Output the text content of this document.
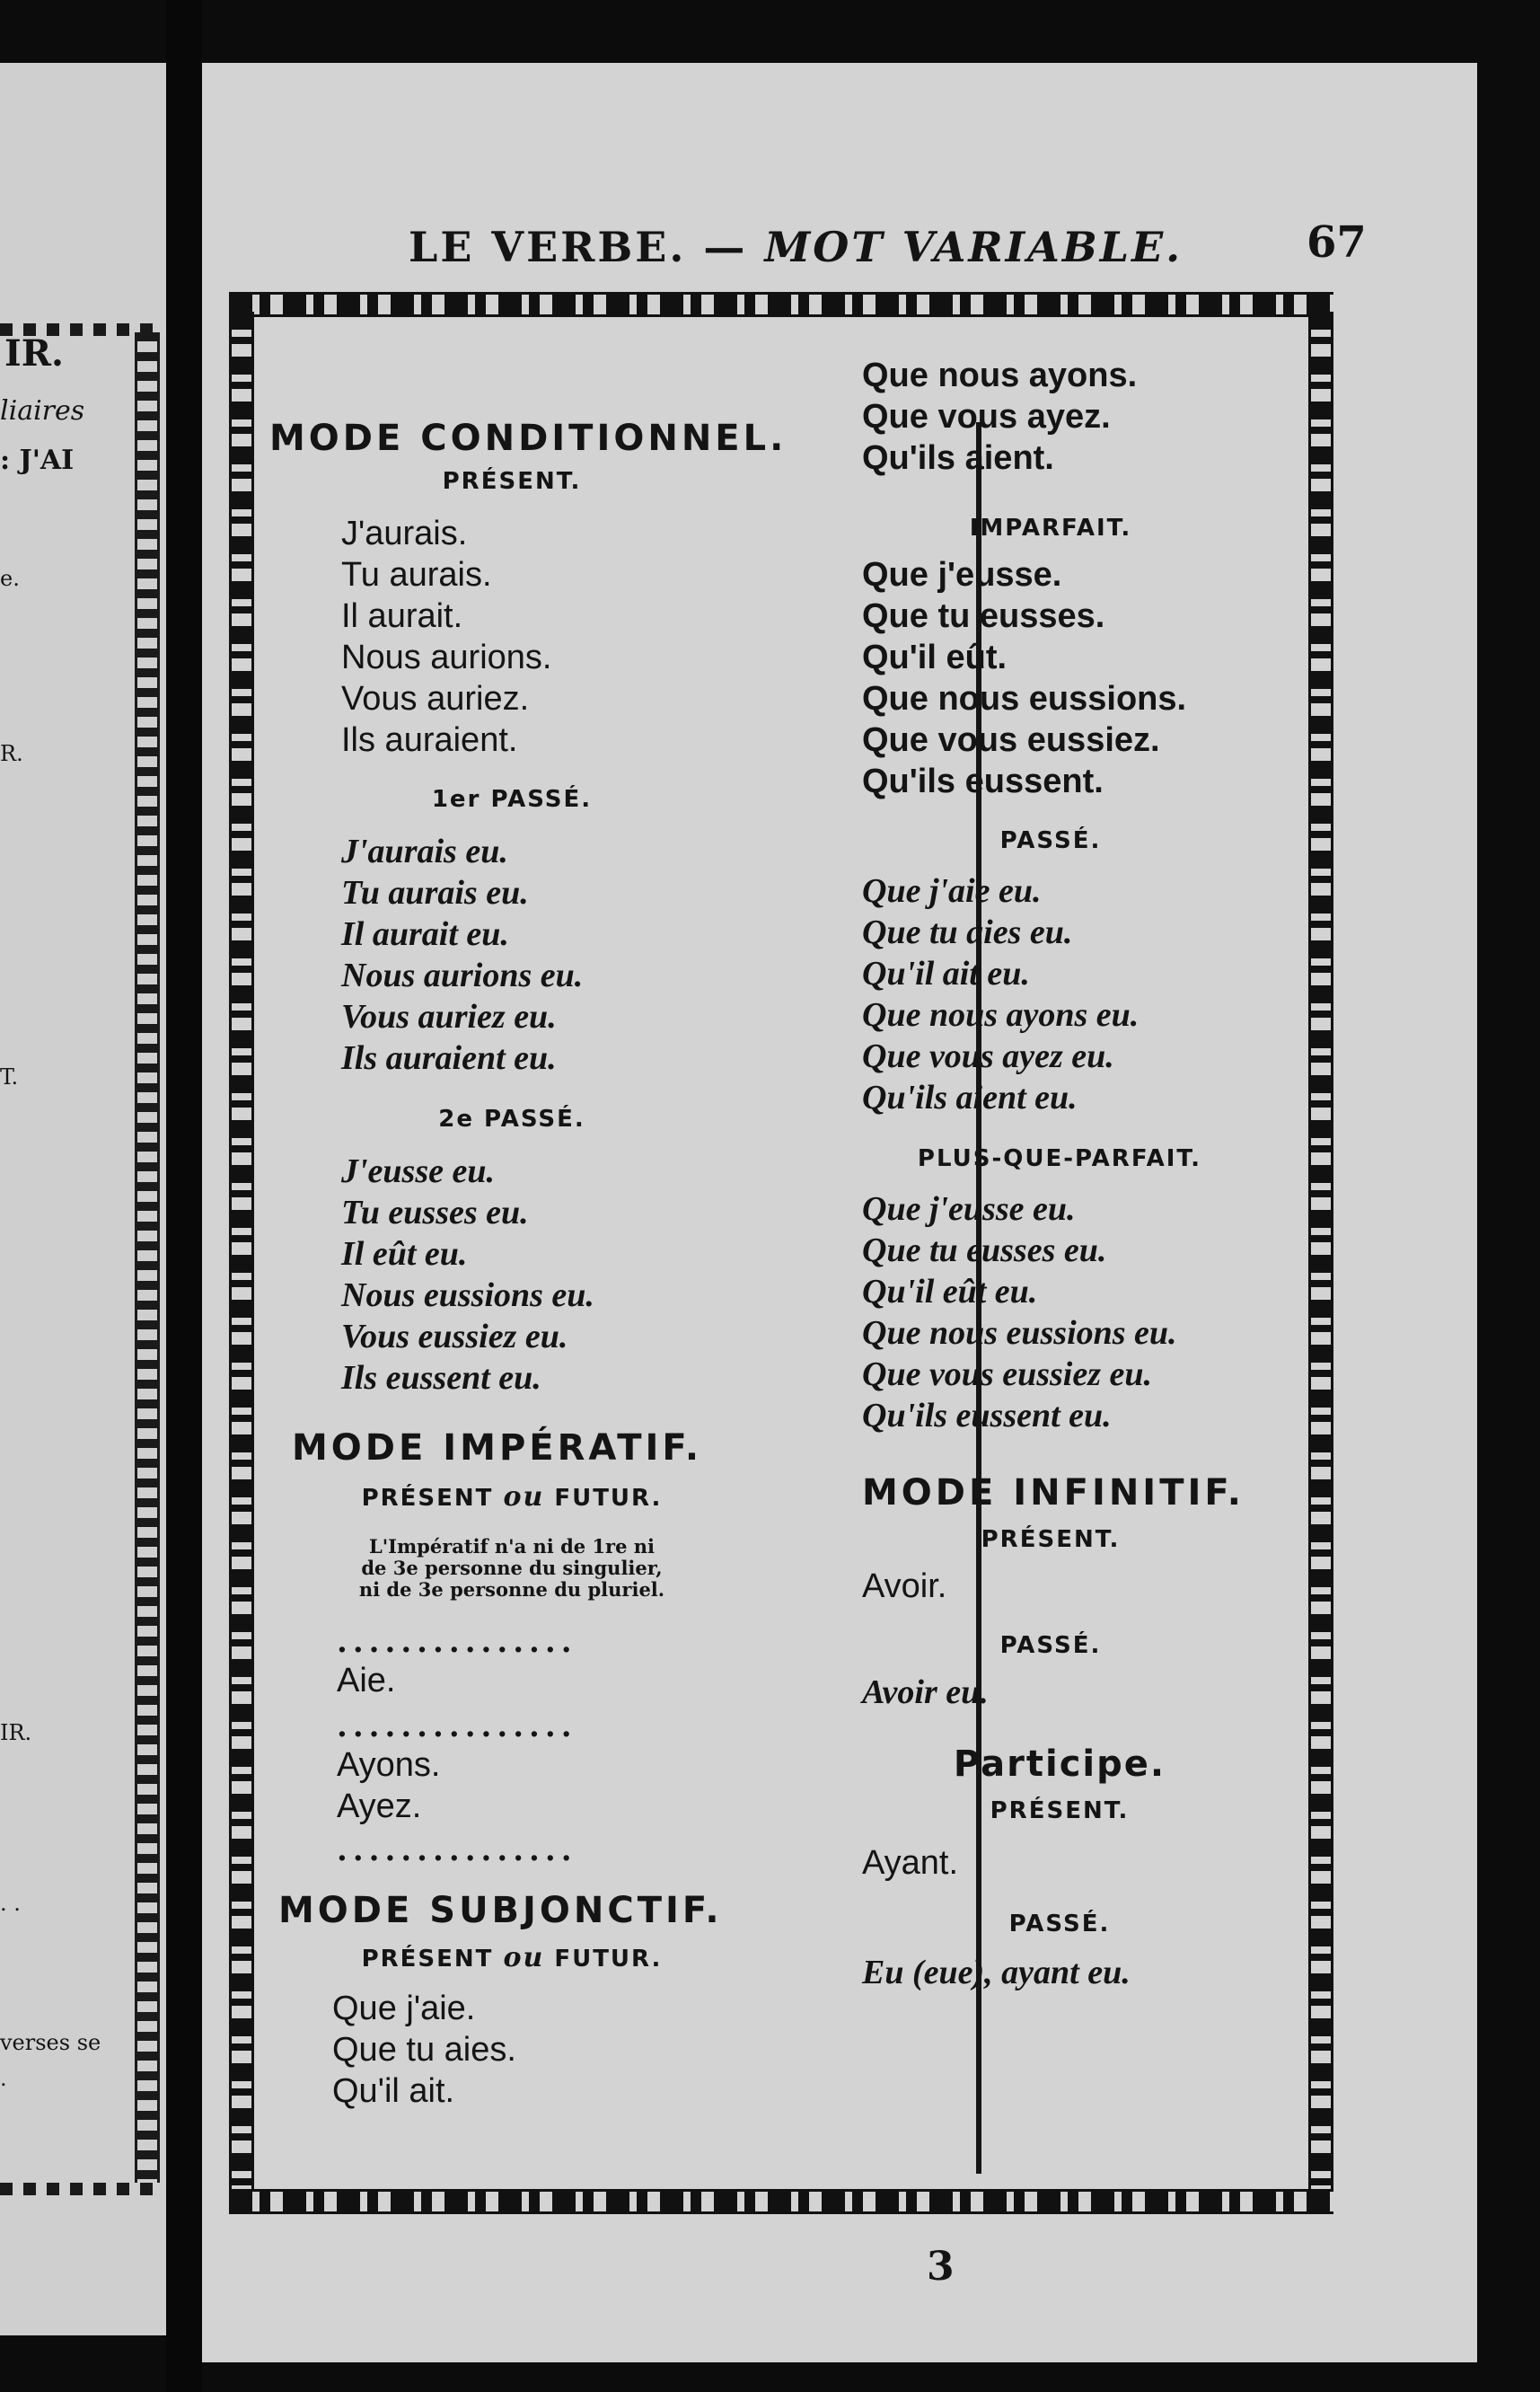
IR.
liaires
: J'AI
e.
R.
T.
IR.
. .
verses se
.
LE VERBE. — MOT VARIABLE.	67
MODE CONDITIONNEL.
PRÉSENT.
J'aurais.
Tu aurais.
Il aurait.
Nous aurions.
Vous auriez.
Ils auraient.
1er PASSÉ.
J'aurais eu.
Tu aurais eu.
Il aurait eu.
Nous aurions eu.
Vous auriez eu.
Ils auraient eu.
2e PASSÉ.
J'eusse eu.
Tu eusses eu.
Il eût eu.
Nous eussions eu.
Vous eussiez eu.
Ils eussent eu.
MODE IMPÉRATIF.
PRÉSENT ou FUTUR.
L'Impératif n'a ni de 1re ni
de 3e personne du singulier,
ni de 3e personne du pluriel.
...............
Aie.
...............
Ayons.
Ayez.
...............
MODE SUBJONCTIF.
PRÉSENT ou FUTUR.
Que j'aie.
Que tu aies.
Qu'il ait.
Que nous ayons.
Que vous ayez.
Qu'ils aient.
IMPARFAIT.
Que j'eusse.
Que tu eusses.
Qu'il eût.
Que nous eussions.
Que vous eussiez.
Qu'ils eussent.
PASSÉ.
Que j'aie eu.
Que tu aies eu.
Qu'il ait eu.
Que nous ayons eu.
Que vous ayez eu.
Qu'ils aient eu.
PLUS-QUE-PARFAIT.
Que j'eusse eu.
Que tu eusses eu.
Qu'il eût eu.
Que nous eussions eu.
Que vous eussiez eu.
Qu'ils eussent eu.
MODE INFINITIF.
PRÉSENT.
Avoir.
PASSÉ.
Avoir eu.
Participe.
PRÉSENT.
Ayant.
PASSÉ.
Eu (eue), ayant eu.
3
